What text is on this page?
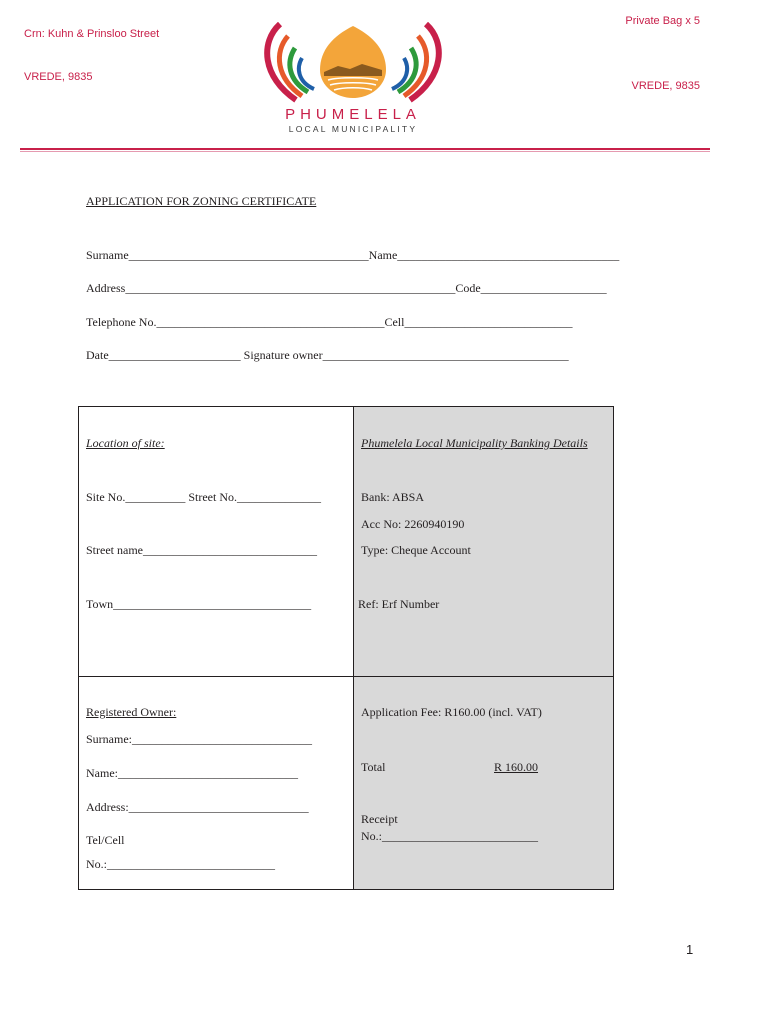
Crn: Kuhn & Prinsloo Street
VREDE, 9835
Private Bag x 5
VREDE, 9835
PHUMELELA
LOCAL MUNICIPALITY
APPLICATION FOR ZONING CERTIFICATE
Surname________________________________________Name_____________________________________
Address_______________________________________________________Code_____________________
Telephone No.______________________________________Cell____________________________
Date______________________ Signature owner_________________________________________
Location of site:
Site No.__________ Street No.______________
Street name_____________________________
Town_________________________________
Phumelela Local Municipality Banking Details
Bank: ABSA
Acc No: 2260940190
Type: Cheque Account
Ref: Erf Number
Registered Owner:
Surname:______________________________
Name:______________________________
Address:______________________________
Tel/Cell
No.:____________________________
Application Fee: R160.00 (incl. VAT)
Total	R 160.00
Receipt
No.:__________________________
1
